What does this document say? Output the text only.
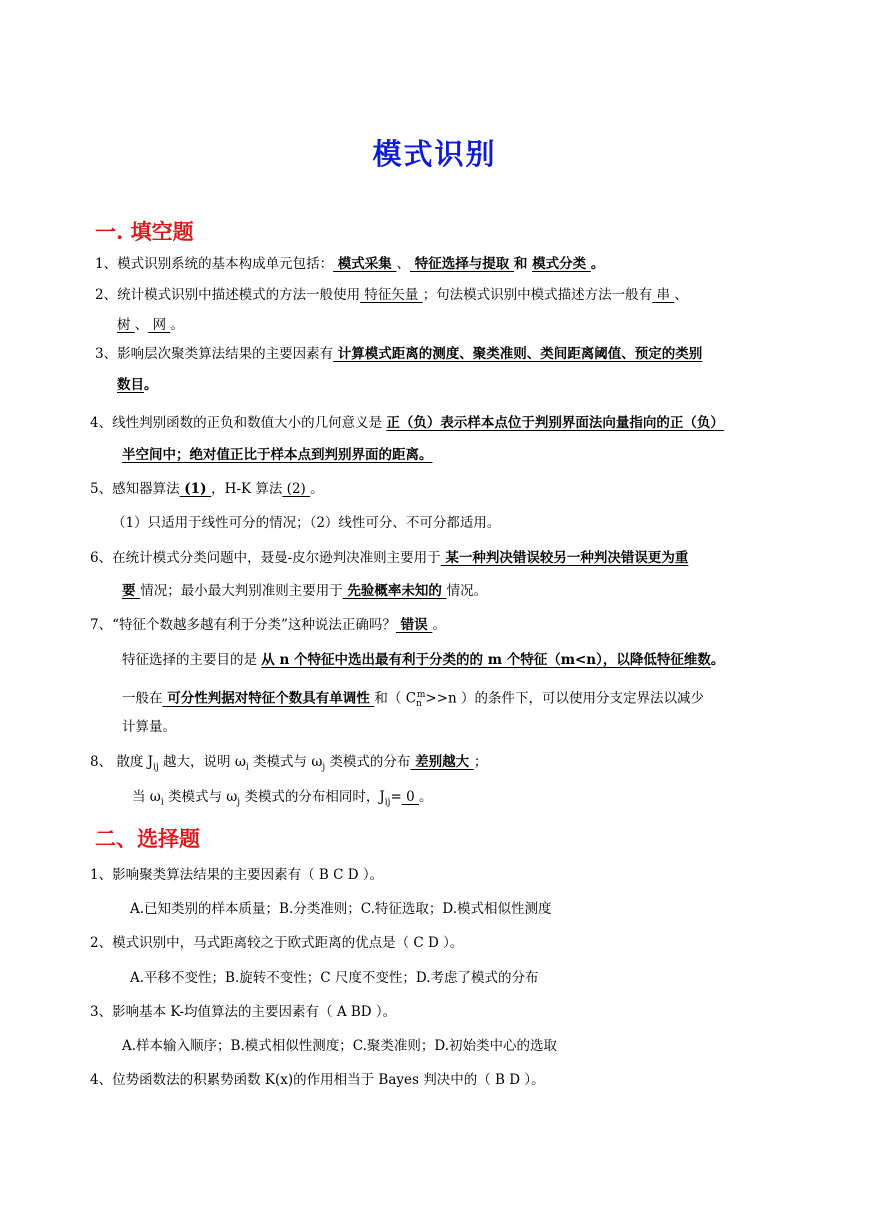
模式识别
一. 填空题
1、模式识别系统的基本构成单元包括： 模式采集 、 特征选择与提取 和 模式分类 。
2、统计模式识别中描述模式的方法一般使用 特征矢量 ；句法模式识别中模式描述方法一般有 串 、
树 、 网 。
3、影响层次聚类算法结果的主要因素有 计算模式距离的测度、聚类准则、类间距离阈值、预定的类别
数目。
4、线性判别函数的正负和数值大小的几何意义是 正（负）表示样本点位于判别界面法向量指向的正（负）
半空间中；绝对值正比于样本点到判别界面的距离。
5、感知器算法 (1) ，H-K 算法 (2) 。
（1）只适用于线性可分的情况；（2）线性可分、不可分都适用。
6、在统计模式分类问题中，聂曼-皮尔逊判决准则主要用于 某一种判决错误较另一种判决错误更为重
要 情况；最小最大判别准则主要用于 先验概率未知的 情况。
7、“特征个数越多越有利于分类”这种说法正确吗？ 错误 。
特征选择的主要目的是 从 n 个特征中选出最有利于分类的的 m 个特征（m<n），以降低特征维数。
一般在 可分性判据对特征个数具有单调性 和（ $C_n^m>>n$ ）的条件下，可以使用分支定界法以减少
计算量。
8、 散度 $J_{ij}$ 越大，说明 $\omega_i$ 类模式与 $\omega_j$ 类模式的分布 差别越大 ；
当 $\omega_i$ 类模式与 $\omega_j$ 类模式的分布相同时，$J_{ij}= 0$ 。
二、选择题
1、影响聚类算法结果的主要因素有（ B C D ）。
A.已知类别的样本质量；B.分类准则；C.特征选取；D.模式相似性测度
2、模式识别中，马式距离较之于欧式距离的优点是（ C D ）。
A.平移不变性；B.旋转不变性；C 尺度不变性；D.考虑了模式的分布
3、影响基本 K-均值算法的主要因素有（ A BD ）。
A.样本输入顺序；B.模式相似性测度；C.聚类准则；D.初始类中心的选取
4、位势函数法的积累势函数 K(x)的作用相当于 Bayes 判决中的（ B D ）。
